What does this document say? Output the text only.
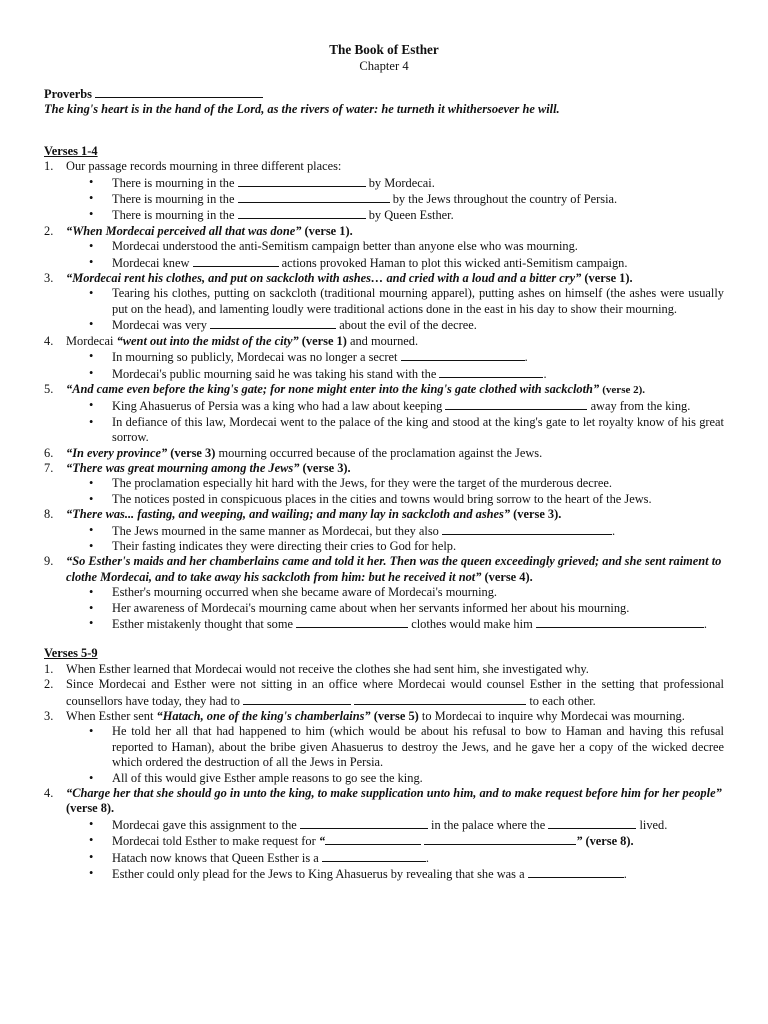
The Book of Esther
Chapter 4
Proverbs
The king's heart is in the hand of the Lord, as the rivers of water: he turneth it whithersoever he will.
Verses 1-4
1. Our passage records mourning in three different places:
• There is mourning in the	by Mordecai.
• There is mourning in the	by the Jews throughout the country of Persia.
• There is mourning in the	by Queen Esther.
2. “When Mordecai perceived all that was done” (verse 1).
• Mordecai understood the anti-Semitism campaign better than anyone else who was mourning.
• Mordecai knew	actions provoked Haman to plot this wicked anti-Semitism campaign.
3. “Mordecai rent his clothes, and put on sackcloth with ashes… and cried with a loud and a bitter cry” (verse 1).
• Tearing his clothes, putting on sackcloth (traditional mourning apparel), putting ashes on himself (the ashes were usually put on the head), and lamenting loudly were traditional actions done in the east in his day to show their mourning.
• Mordecai was very	about the evil of the decree.
4. Mordecai “went out into the midst of the city” (verse 1) and mourned.
• In mourning so publicly, Mordecai was no longer a secret	.
• Mordecai's public mourning said he was taking his stand with the	.
5. “And came even before the king's gate; for none might enter into the king's gate clothed with sackcloth” (verse 2).
• King Ahasuerus of Persia was a king who had a law about keeping	away from the king.
• In defiance of this law, Mordecai went to the palace of the king and stood at the king's gate to let royalty know of his great sorrow.
6. “In every province” (verse 3) mourning occurred because of the proclamation against the Jews.
7. “There was great mourning among the Jews” (verse 3).
• The proclamation especially hit hard with the Jews, for they were the target of the murderous decree.
• The notices posted in conspicuous places in the cities and towns would bring sorrow to the heart of the Jews.
8. “There was... fasting, and weeping, and wailing; and many lay in sackcloth and ashes” (verse 3).
• The Jews mourned in the same manner as Mordecai, but they also	.
• Their fasting indicates they were directing their cries to God for help.
9. “So Esther's maids and her chamberlains came and told it her. Then was the queen exceedingly grieved; and she sent raiment to clothe Mordecai, and to take away his sackcloth from him: but he received it not” (verse 4).
• Esther's mourning occurred when she became aware of Mordecai's mourning.
• Her awareness of Mordecai's mourning came about when her servants informed her about his mourning.
• Esther mistakenly thought that some	clothes would make him	.
Verses 5-9
1. When Esther learned that Mordecai would not receive the clothes she had sent him, she investigated why.
2. Since Mordecai and Esther were not sitting in an office where Mordecai would counsel Esther in the setting that professional counsellors have today, they had to	to each other.
3. When Esther sent “Hatach, one of the king's chamberlains” (verse 5) to Mordecai to inquire why Mordecai was mourning.
• He told her all that had happened to him (which would be about his refusal to bow to Haman and having this refusal reported to Haman), about the bribe given Ahasuerus to destroy the Jews, and he gave her a copy of the wicked decree which ordered the destruction of all the Jews in Persia.
• All of this would give Esther ample reasons to go see the king.
4. “Charge her that she should go in unto the king, to make supplication unto him, and to make request before him for her people” (verse 8).
• Mordecai gave this assignment to the	in the palace where the	lived.
• Mordecai told Esther to make request for “	” (verse 8).
• Hatach now knows that Queen Esther is a	.
• Esther could only plead for the Jews to King Ahasuerus by revealing that she was a	.
